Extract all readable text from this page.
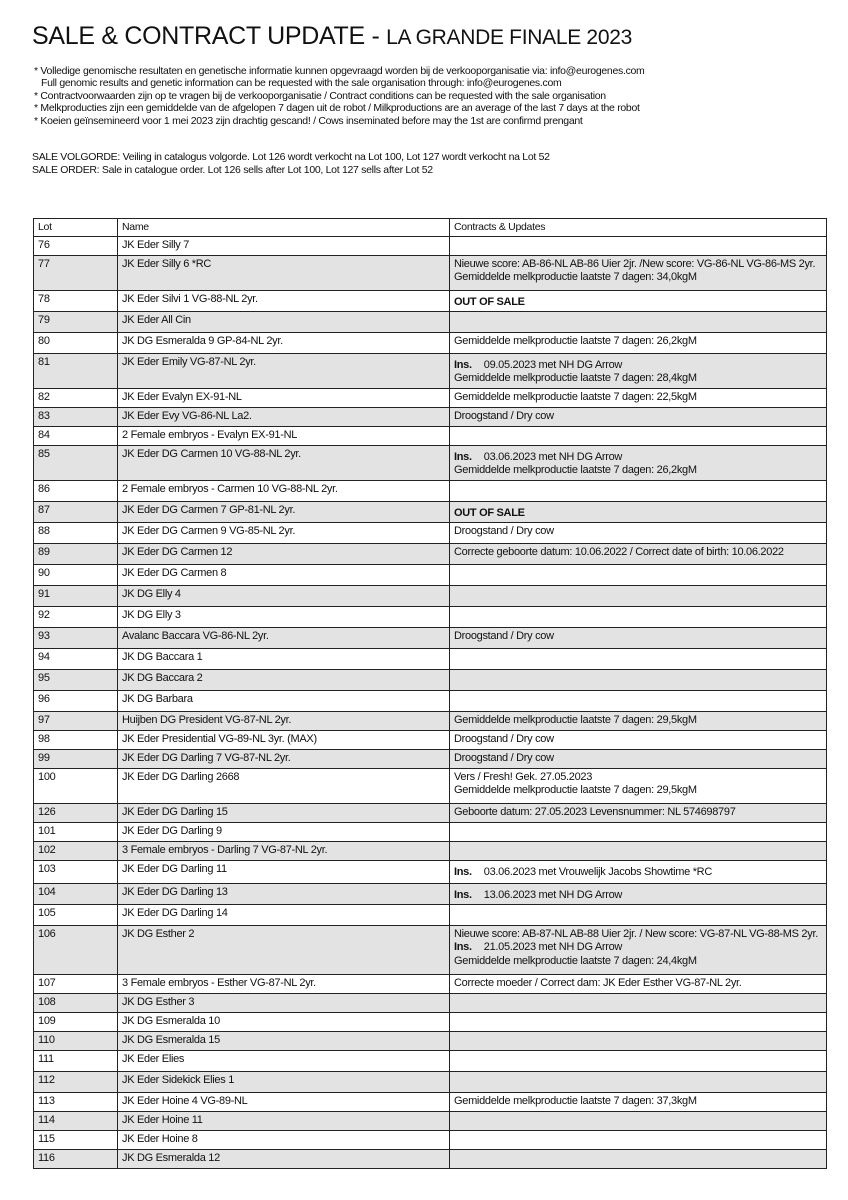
SALE & CONTRACT UPDATE - LA GRANDE FINALE 2023
* Volledige genomische resultaten en genetische informatie kunnen opgevraagd worden bij de verkooporganisatie via: info@eurogenes.com
Full genomic results and genetic information can be requested with the sale organisation through: info@eurogenes.com
* Contractvoorwaarden zijn op te vragen bij de verkooporganisatie / Contract conditions can be requested with the sale organisation
* Melkproducties zijn een gemiddelde van de afgelopen 7 dagen uit de robot / Milkproductions are an average of the last 7 days at the robot
* Koeien geïnsemineerd voor 1 mei 2023 zijn drachtig gescand! / Cows inseminated before may the 1st are confirmd prengant
SALE VOLGORDE: Veiling in catalogus volgorde. Lot 126 wordt verkocht na Lot 100, Lot 127 wordt verkocht na Lot 52
SALE ORDER: Sale in catalogue order. Lot 126 sells after Lot 100, Lot 127 sells after Lot 52
Lot	Name	Contracts & Updates
76	JK Eder Silly 7	
77	JK Eder Silly 6 *RC	Nieuwe score: AB-86-NL AB-86 Uier 2jr. /New score: VG-86-NL VG-86-MS 2yr.
Gemiddelde melkproductie laatste 7 dagen: 34,0kgM

78	JK Eder Silvi 1 VG-88-NL 2yr.	OUT OF SALE

79	JK Eder All Cin	
80	JK DG Esmeralda 9 GP-84-NL 2yr.	Gemiddelde melkproductie laatste 7 dagen: 26,2kgM

81	JK Eder Emily VG-87-NL 2yr.	Ins. 09.05.2023 met NH DG Arrow
Gemiddelde melkproductie laatste 7 dagen: 28,4kgM

82	JK Eder Evalyn EX-91-NL	Gemiddelde melkproductie laatste 7 dagen: 22,5kgM

83	JK Eder Evy VG-86-NL La2.	Droogstand / Dry cow

84	2 Female embryos - Evalyn EX-91-NL	
85	JK Eder DG Carmen 10 VG-88-NL 2yr.	Ins. 03.06.2023 met NH DG Arrow
Gemiddelde melkproductie laatste 7 dagen: 26,2kgM

86	2 Female embryos - Carmen 10 VG-88-NL 2yr.	
87	JK Eder DG Carmen 7 GP-81-NL 2yr.	OUT OF SALE

88	JK Eder DG Carmen 9 VG-85-NL 2yr.	Droogstand / Dry cow

89	JK Eder DG Carmen 12	Correcte geboorte datum: 10.06.2022 / Correct date of birth: 10.06.2022

90	JK Eder DG Carmen 8	
91	JK DG Elly 4	
92	JK DG Elly 3	
93	Avalanc Baccara VG-86-NL 2yr.	Droogstand / Dry cow

94	JK DG Baccara 1	
95	JK DG Baccara 2	
96	JK DG Barbara	
97	Huijben DG President VG-87-NL 2yr.	Gemiddelde melkproductie laatste 7 dagen: 29,5kgM

98	JK Eder Presidential VG-89-NL 3yr. (MAX)	Droogstand / Dry cow

99	JK Eder DG Darling 7 VG-87-NL 2yr.	Droogstand / Dry cow

100	JK Eder DG Darling 2668	Vers / Fresh! Gek. 27.05.2023
Gemiddelde melkproductie laatste 7 dagen: 29,5kgM

126	JK Eder DG Darling 15	Geboorte datum: 27.05.2023 Levensnummer: NL 574698797

101	JK Eder DG Darling 9	
102	3 Female embryos - Darling 7 VG-87-NL 2yr.	
103	JK Eder DG Darling 11	Ins. 03.06.2023 met Vrouwelijk Jacobs Showtime *RC

104	JK Eder DG Darling 13	Ins. 13.06.2023 met NH DG Arrow

105	JK Eder DG Darling 14	
106	JK DG Esther 2	Nieuwe score: AB-87-NL AB-88 Uier 2jr. / New score: VG-87-NL VG-88-MS 2yr.
Ins. 21.05.2023 met NH DG Arrow
Gemiddelde melkproductie laatste 7 dagen: 24,4kgM

107	3 Female embryos - Esther VG-87-NL 2yr.	Correcte moeder / Correct dam: JK Eder Esther VG-87-NL 2yr.

108	JK DG Esther 3	
109	JK DG Esmeralda 10	
110	JK DG Esmeralda 15	
111	JK Eder Elies	
112	JK Eder Sidekick Elies 1	
113	JK Eder Hoine 4 VG-89-NL	Gemiddelde melkproductie laatste 7 dagen: 37,3kgM

114	JK Eder Hoine 11	
115	JK Eder Hoine 8	
116	JK DG Esmeralda 12	
